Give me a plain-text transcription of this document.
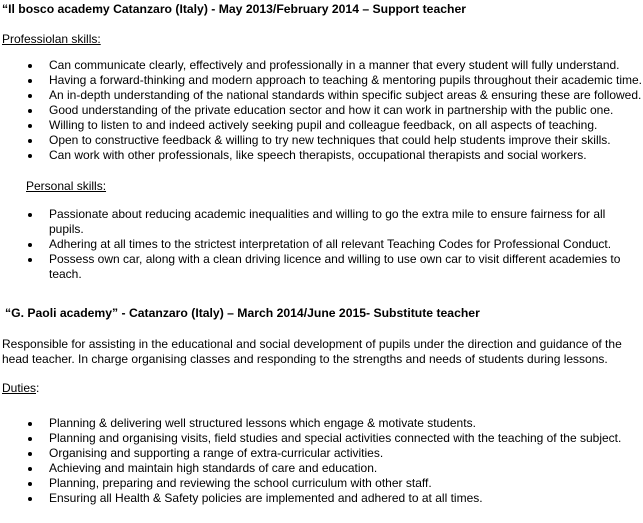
“Il bosco academy Catanzaro (Italy) - May 2013/February 2014 – Support teacher

Professiolan skills:

Can communicate clearly, effectively and professionally in a manner that every student will fully understand.
Having a forward-thinking and modern approach to teaching & mentoring pupils throughout their academic time.
An in-depth understanding of the national standards within specific subject areas & ensuring these are followed.
Good understanding of the private education sector and how it can work in partnership with the public one.
Willing to listen to and indeed actively seeking pupil and colleague feedback, on all aspects of teaching.
Open to constructive feedback & willing to try new techniques that could help students improve their skills.
Can work with other professionals, like speech therapists, occupational therapists and social workers.

Personal skills:

Passionate about reducing academic inequalities and willing to go the extra mile to ensure fairness for all pupils.
Adhering at all times to the strictest interpretation of all relevant Teaching Codes for Professional Conduct.
Possess own car, along with a clean driving licence and willing to use own car to visit different academies to teach.

“G. Paoli academy” - Catanzaro (Italy) – March 2014/June 2015- Substitute teacher

Responsible for assisting in the educational and social development of pupils under the direction and guidance of the head teacher. In charge organising classes and responding to the strengths and needs of students during lessons.

Duties:

Planning & delivering well structured lessons which engage & motivate students.
Planning and organising visits, field studies and special activities connected with the teaching of the subject.
Organising and supporting a range of extra-curricular activities.
Achieving and maintain high standards of care and education.
Planning, preparing and reviewing the school curriculum with other staff.
Ensuring all Health & Safety policies are implemented and adhered to at all times.
